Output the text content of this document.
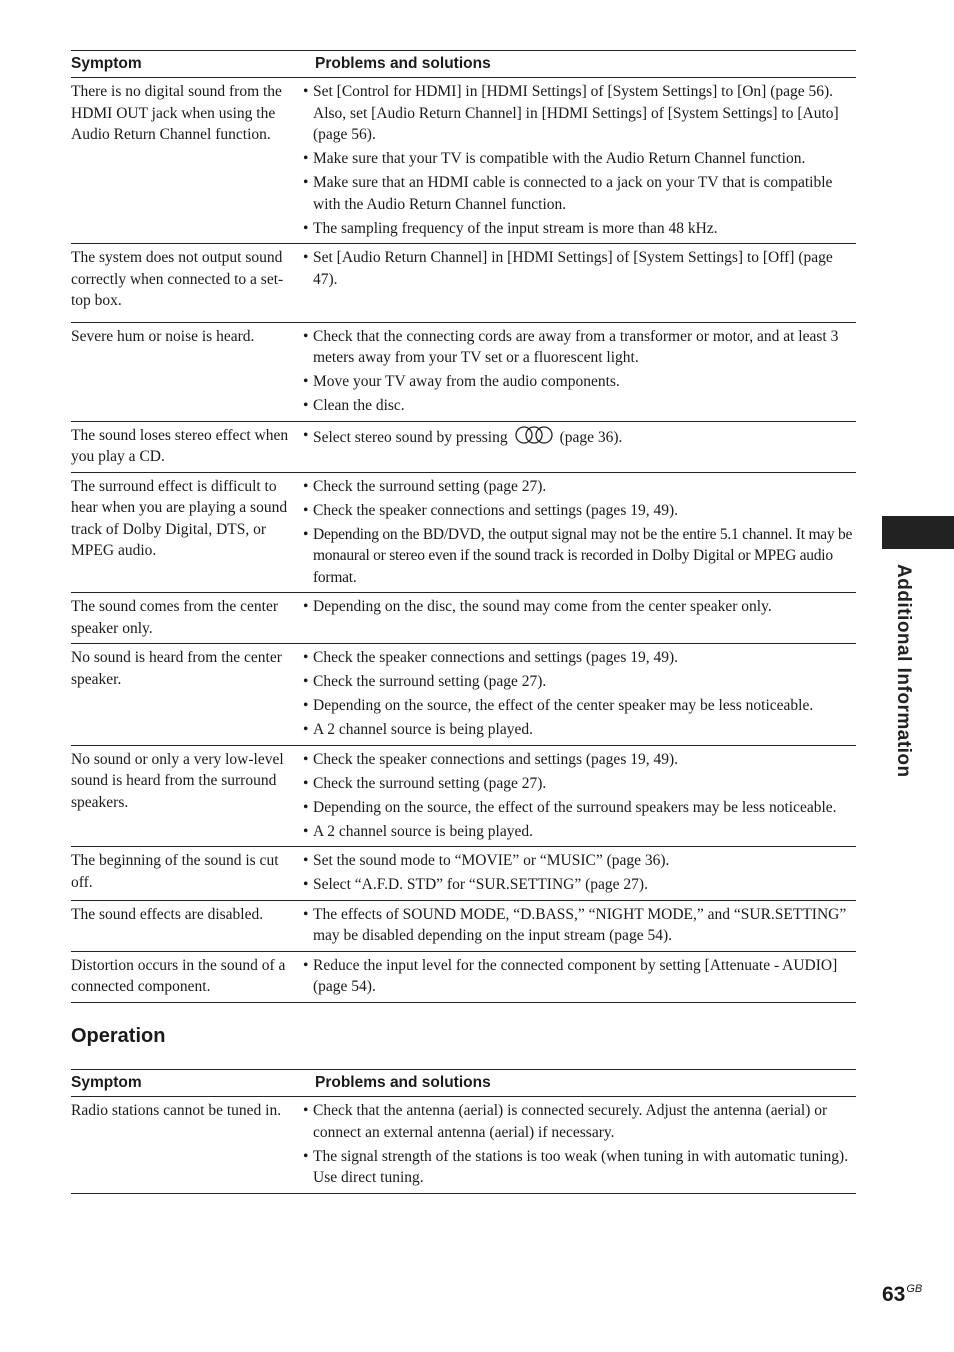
Symptom	Problems and solutions
There is no digital sound from the HDMI OUT jack when using the Audio Return Channel function.
• Set [Control for HDMI] in [HDMI Settings] of [System Settings] to [On] (page 56). Also, set [Audio Return Channel] in [HDMI Settings] of [System Settings] to [Auto] (page 56).
• Make sure that your TV is compatible with the Audio Return Channel function.
• Make sure that an HDMI cable is connected to a jack on your TV that is compatible with the Audio Return Channel function.
• The sampling frequency of the input stream is more than 48 kHz.
The system does not output sound correctly when connected to a set-top box.
• Set [Audio Return Channel] in [HDMI Settings] of [System Settings] to [Off] (page 47).
Severe hum or noise is heard.	• Check that the connecting cords are away from a transformer or motor, and at least 3 meters away from your TV set or a fluorescent light.
• Move your TV away from the audio components.
• Clean the disc.
The sound loses stereo effect when you play a CD.
• Select stereo sound by pressing	(page 36).
The surround effect is difficult to hear when you are playing a sound track of Dolby Digital, DTS, or MPEG audio.
• Check the surround setting (page 27).
• Check the speaker connections and settings (pages 19, 49).
• Depending on the BD/DVD, the output signal may not be the entire 5.1 channel. It may be monaural or stereo even if the sound track is recorded in Dolby Digital or MPEG audio format.
The sound comes from the center speaker only.
• Depending on the disc, the sound may come from the center speaker only.
No sound is heard from the center speaker.
• Check the speaker connections and settings (pages 19, 49).
• Check the surround setting (page 27).
• Depending on the source, the effect of the center speaker may be less noticeable.
• A 2 channel source is being played.
No sound or only a very low-level sound is heard from the surround speakers.
• Check the speaker connections and settings (pages 19, 49).
• Check the surround setting (page 27).
• Depending on the source, the effect of the surround speakers may be less noticeable.
• A 2 channel source is being played.
The beginning of the sound is cut off.
• Set the sound mode to “MOVIE” or “MUSIC” (page 36).
• Select “A.F.D. STD” for “SUR.SETTING” (page 27).
The sound effects are disabled.	• The effects of SOUND MODE, “D.BASS,” “NIGHT MODE,” and “SUR.SETTING” may be disabled depending on the input stream (page 54).
Distortion occurs in the sound of a connected component.
• Reduce the input level for the connected component by setting [Attenuate - AUDIO] (page 54).
Operation
Symptom	Problems and solutions
Radio stations cannot be tuned in.	• Check that the antenna (aerial) is connected securely. Adjust the antenna (aerial) or connect an external antenna (aerial) if necessary.
• The signal strength of the stations is too weak (when tuning in with automatic tuning). Use direct tuning.
Additional Information
$63^{GB}$
